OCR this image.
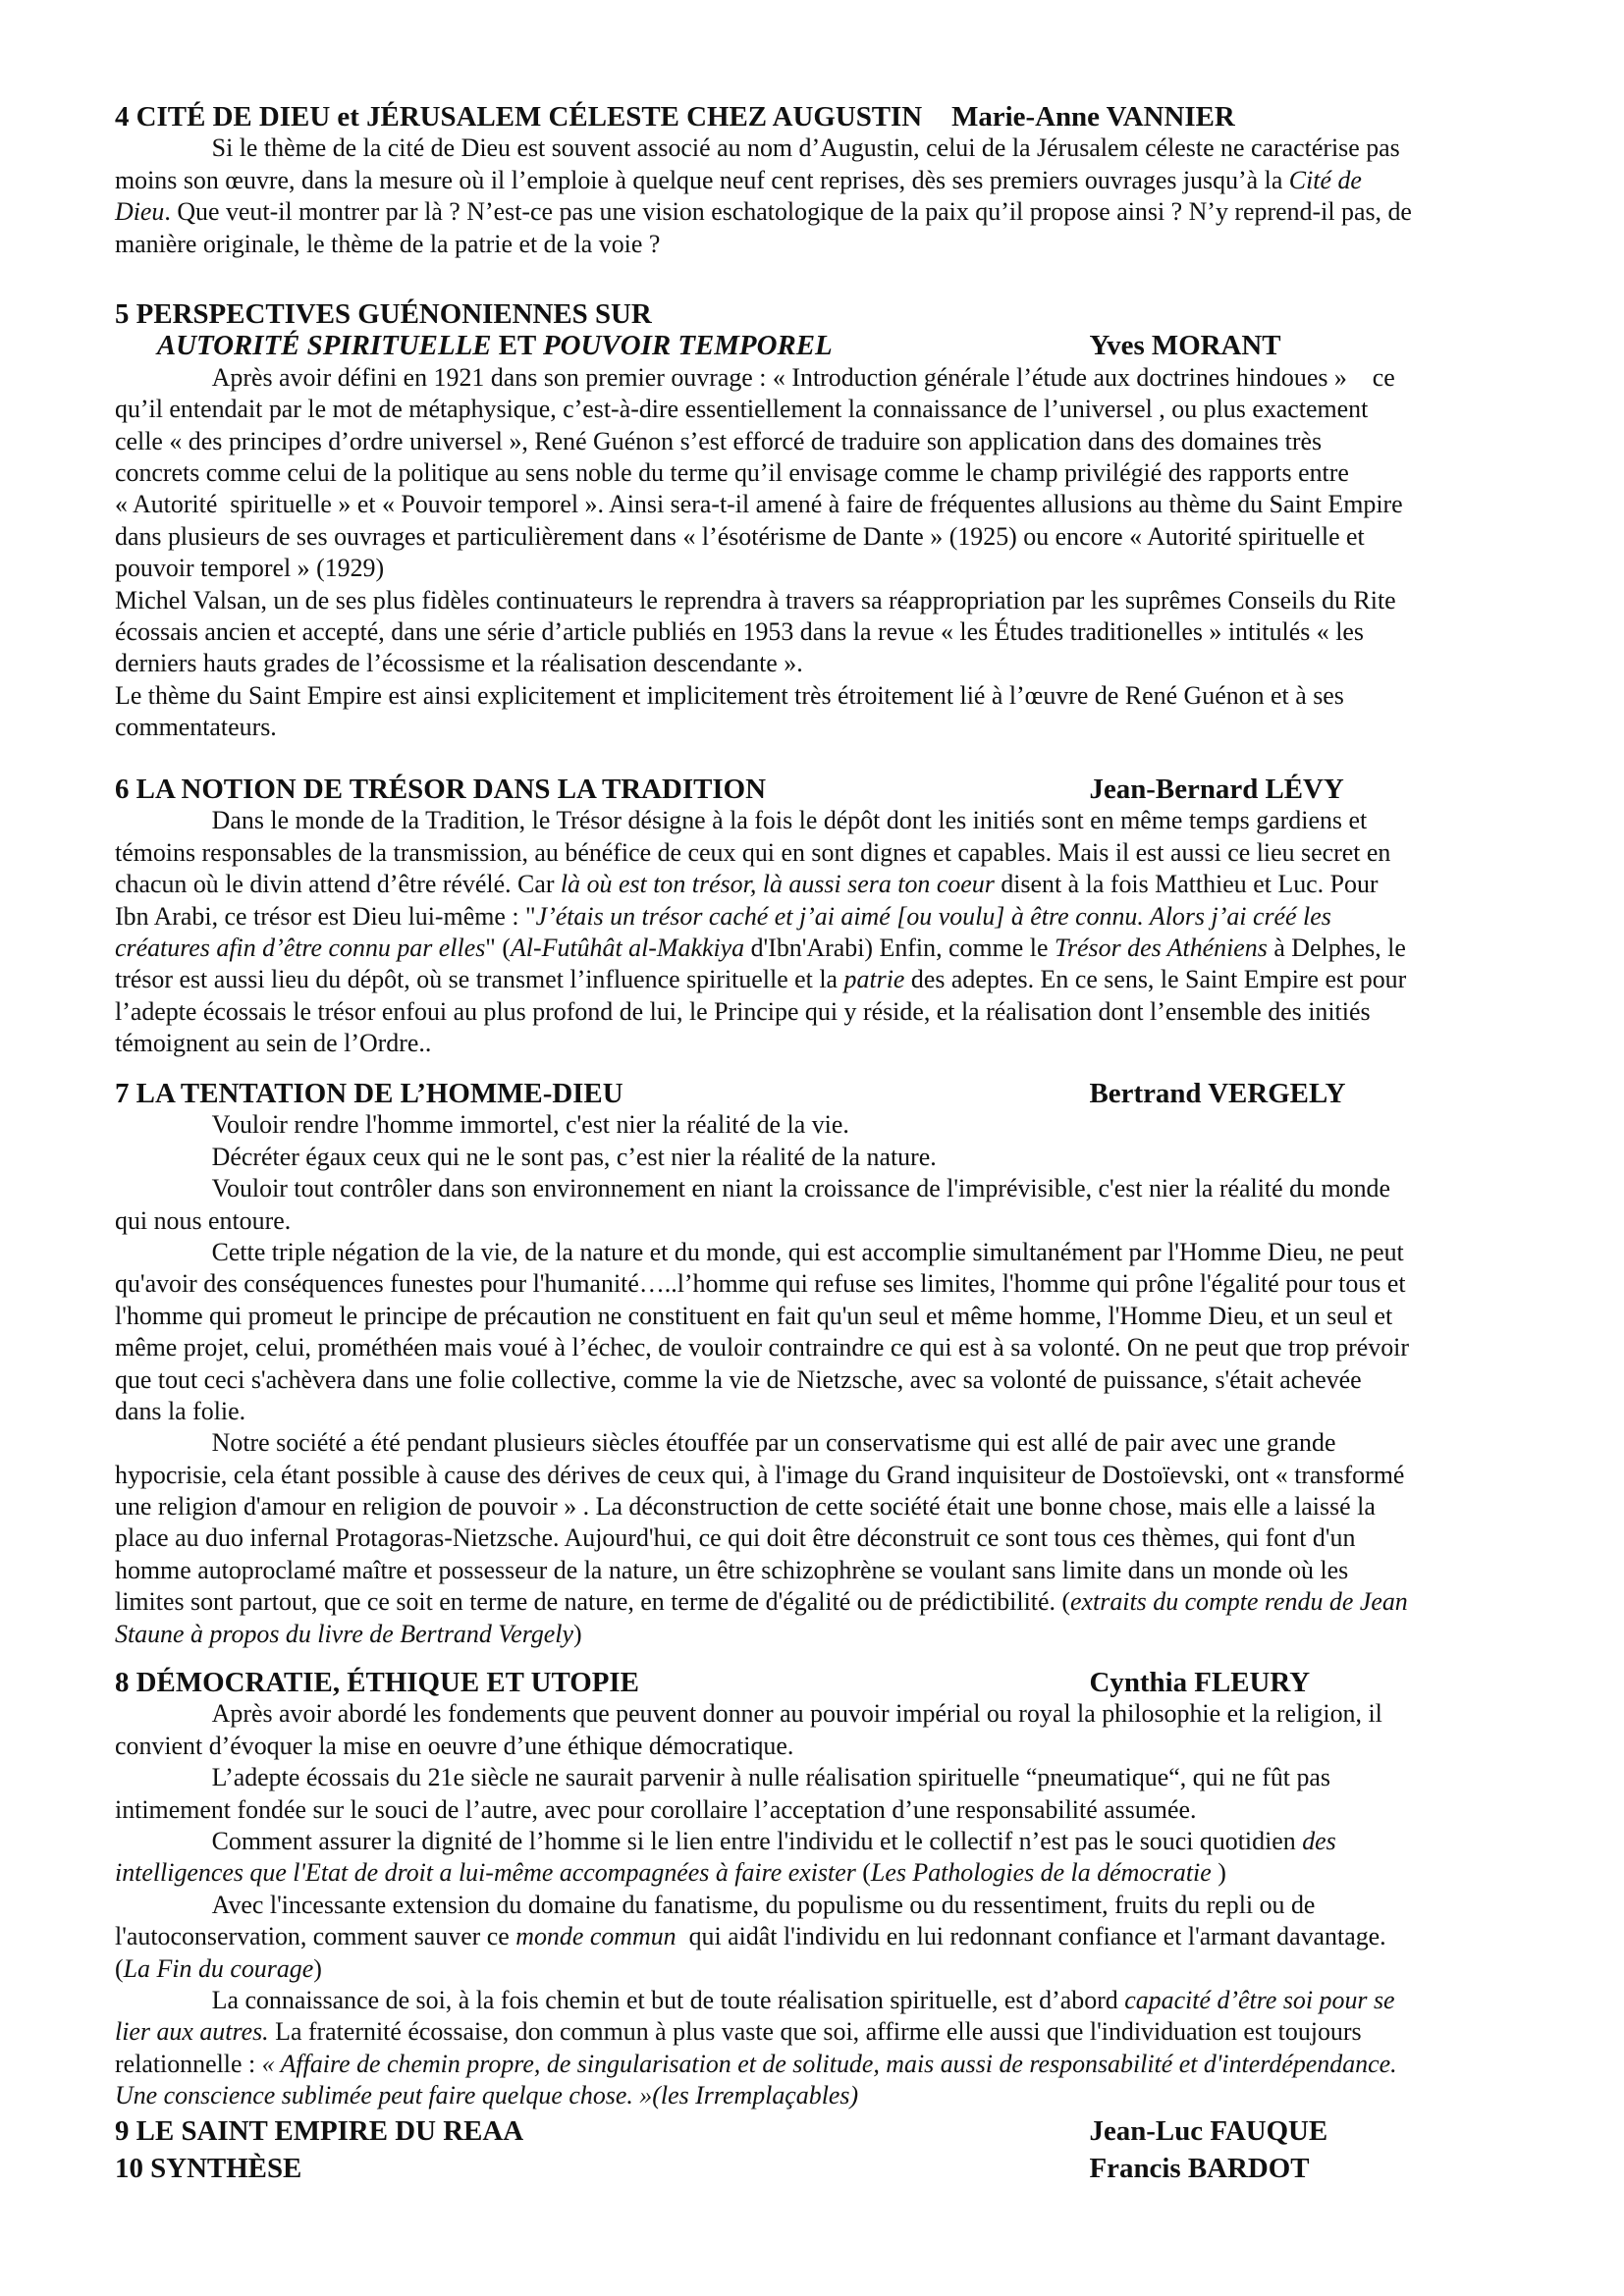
4 CITÉ DE DIEU et JÉRUSALEM CÉLESTE CHEZ AUGUSTIN Marie-Anne VANNIER
Si le thème de la cité de Dieu est souvent associé au nom d’Augustin, celui de la Jérusalem céleste ne caractérise pas
moins son œuvre, dans la mesure où il l’emploie à quelque neuf cent reprises, dès ses premiers ouvrages jusqu’à la Cité de
Dieu. Que veut-il montrer par là ? N’est-ce pas une vision eschatologique de la paix qu’il propose ainsi ? N’y reprend-il pas, de
manière originale, le thème de la patrie et de la voie ?
5 PERSPECTIVES GUÉNONIENNES SUR
AUTORITÉ SPIRITUELLE ET POUVOIR TEMPOREL	Yves MORANT
Après avoir défini en 1921 dans son premier ouvrage : « Introduction générale l’étude aux doctrines hindoues »    ce
qu’il entendait par le mot de métaphysique, c’est-à-dire essentiellement la connaissance de l’universel , ou plus exactement
celle « des principes d’ordre universel », René Guénon s’est efforcé de traduire son application dans des domaines très
concrets comme celui de la politique au sens noble du terme qu’il envisage comme le champ privilégié des rapports entre
« Autorité  spirituelle » et « Pouvoir temporel ». Ainsi sera-t-il amené à faire de fréquentes allusions au thème du Saint Empire
dans plusieurs de ses ouvrages et particulièrement dans « l’ésotérisme de Dante » (1925) ou encore « Autorité spirituelle et
pouvoir temporel » (1929)
Michel Valsan, un de ses plus fidèles continuateurs le reprendra à travers sa réappropriation par les suprêmes Conseils du Rite
écossais ancien et accepté, dans une série d’article publiés en 1953 dans la revue « les Études traditionelles » intitulés « les
derniers hauts grades de l’écossisme et la réalisation descendante ».
Le thème du Saint Empire est ainsi explicitement et implicitement très étroitement lié à l’œuvre de René Guénon et à ses
commentateurs.
6 LA NOTION DE TRÉSOR DANS LA TRADITION	Jean-Bernard LÉVY
Dans le monde de la Tradition, le Trésor désigne à la fois le dépôt dont les initiés sont en même temps gardiens et
témoins responsables de la transmission, au bénéfice de ceux qui en sont dignes et capables. Mais il est aussi ce lieu secret en
chacun où le divin attend d’être révélé. Car là où est ton trésor, là aussi sera ton coeur disent à la fois Matthieu et Luc. Pour
Ibn Arabi, ce trésor est Dieu lui-même : "J’étais un trésor caché et j’ai aimé [ou voulu] à être connu. Alors j’ai créé les
créatures afin d’être connu par elles" (Al-Futûhât al-Makkiya d'Ibn'Arabi) Enfin, comme le Trésor des Athéniens à Delphes, le
trésor est aussi lieu du dépôt, où se transmet l’influence spirituelle et la patrie des adeptes. En ce sens, le Saint Empire est pour
l’adepte écossais le trésor enfoui au plus profond de lui, le Principe qui y réside, et la réalisation dont l’ensemble des initiés
témoignent au sein de l’Ordre..
7 LA TENTATION DE L’HOMME-DIEU	Bertrand VERGELY
Vouloir rendre l'homme immortel, c'est nier la réalité de la vie.
Décréter égaux ceux qui ne le sont pas, c’est nier la réalité de la nature.
Vouloir tout contrôler dans son environnement en niant la croissance de l'imprévisible, c'est nier la réalité du monde
qui nous entoure.
Cette triple négation de la vie, de la nature et du monde, qui est accomplie simultanément par l'Homme Dieu, ne peut
qu'avoir des conséquences funestes pour l'humanité…..l’homme qui refuse ses limites, l'homme qui prône l'égalité pour tous et
l'homme qui promeut le principe de précaution ne constituent en fait qu'un seul et même homme, l'Homme Dieu, et un seul et
même projet, celui, prométhéen mais voué à l’échec, de vouloir contraindre ce qui est à sa volonté. On ne peut que trop prévoir
que tout ceci s'achèvera dans une folie collective, comme la vie de Nietzsche, avec sa volonté de puissance, s'était achevée
dans la folie.
Notre société a été pendant plusieurs siècles étouffée par un conservatisme qui est allé de pair avec une grande
hypocrisie, cela étant possible à cause des dérives de ceux qui, à l'image du Grand inquisiteur de Dostoïevski, ont « transformé
une religion d'amour en religion de pouvoir » . La déconstruction de cette société était une bonne chose, mais elle a laissé la
place au duo infernal Protagoras-Nietzsche. Aujourd'hui, ce qui doit être déconstruit ce sont tous ces thèmes, qui font d'un
homme autoproclamé maître et possesseur de la nature, un être schizophrène se voulant sans limite dans un monde où les
limites sont partout, que ce soit en terme de nature, en terme de d'égalité ou de prédictibilité. (extraits du compte rendu de Jean
Staune à propos du livre de Bertrand Vergely)
8 DÉMOCRATIE, ÉTHIQUE ET UTOPIE	Cynthia FLEURY
Après avoir abordé les fondements que peuvent donner au pouvoir impérial ou royal la philosophie et la religion, il
convient d’évoquer la mise en oeuvre d’une éthique démocratique.
L’adepte écossais du 21e siècle ne saurait parvenir à nulle réalisation spirituelle “pneumatique“, qui ne fût pas
intimement fondée sur le souci de l’autre, avec pour corollaire l’acceptation d’une responsabilité assumée.
Comment assurer la dignité de l’homme si le lien entre l'individu et le collectif n’est pas le souci quotidien des
intelligences que l'Etat de droit a lui-même accompagnées à faire exister (Les Pathologies de la démocratie )
Avec l'incessante extension du domaine du fanatisme, du populisme ou du ressentiment, fruits du repli ou de
l'autoconservation, comment sauver ce monde commun  qui aidât l'individu en lui redonnant confiance et l'armant davantage.
(La Fin du courage)
La connaissance de soi, à la fois chemin et but de toute réalisation spirituelle, est d’abord capacité d’être soi pour se
lier aux autres. La fraternité écossaise, don commun à plus vaste que soi, affirme elle aussi que l'individuation est toujours
relationnelle : « Affaire de chemin propre, de singularisation et de solitude, mais aussi de responsabilité et d'interdépendance.
Une conscience sublimée peut faire quelque chose. »(les Irremplaçables)
9 LE SAINT EMPIRE DU REAA	Jean-Luc FAUQUE
10 SYNTHÈSE	Francis BARDOT
